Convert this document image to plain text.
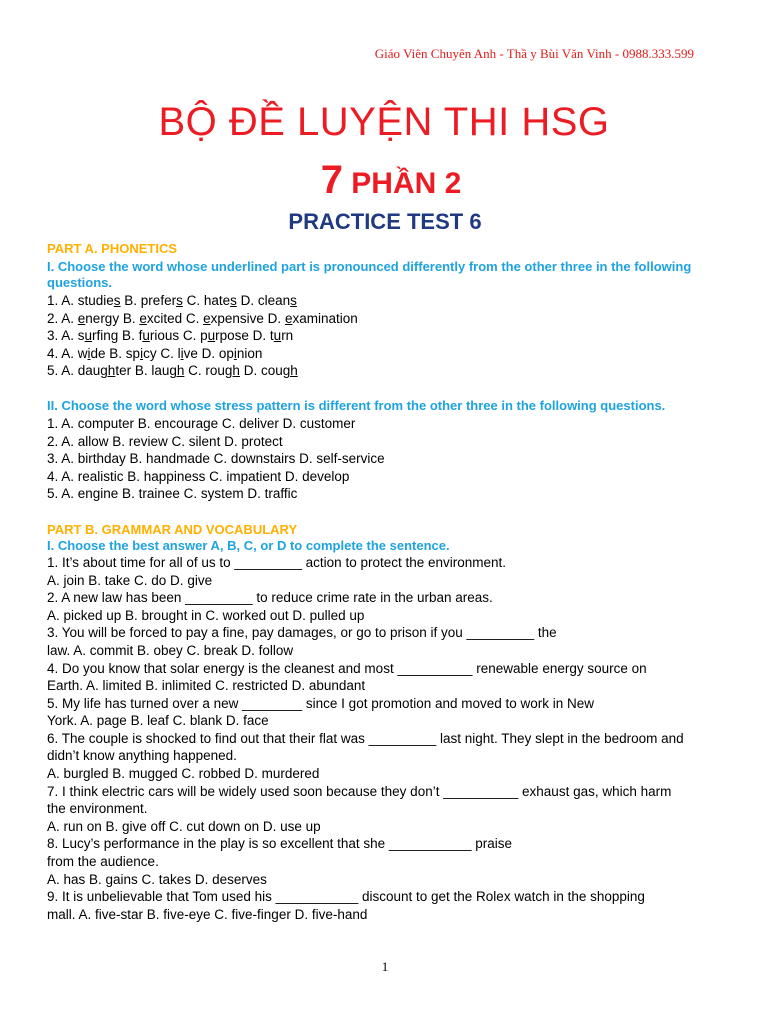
Giáo Viên Chuyên Anh - Thầ y Bùi Văn Vinh - 0988.333.599
BỘ ĐỀ LUYỆN THI HSG
7 PHẦN 2
PRACTICE TEST 6
PART A. PHONETICS
I. Choose the word whose underlined part is pronounced differently from the other three in the following questions.
1. A. studies B. prefers C. hates D. cleans
2. A. energy B. excited C. expensive D. examination
3. A. surfing B. furious C. purpose D. turn
4. A. wide B. spicy C. live D. opinion
5. A. daughter B. laugh C. rough D. cough
II. Choose the word whose stress pattern is different from the other three in the following questions.
1. A. computer B. encourage C. deliver D. customer
2. A. allow B. review C. silent D. protect
3. A. birthday B. handmade C. downstairs D. self-service
4. A. realistic B. happiness C. impatient D. develop
5. A. engine B. trainee C. system D. traffic
PART B. GRAMMAR AND VOCABULARY
I. Choose the best answer A, B, C, or D to complete the sentence.
1. It’s about time for all of us to _________ action to protect the environment.
A. join B. take C. do D. give
2. A new law has been _________ to reduce crime rate in the urban areas.
A. picked up B. brought in C. worked out D. pulled up
3. You will be forced to pay a fine, pay damages, or go to prison if you _________ the
law. A. commit B. obey C. break D. follow
4. Do you know that solar energy is the cleanest and most __________ renewable energy source on
Earth. A. limited B. inlimited C. restricted D. abundant
5. My life has turned over a new ________ since I got promotion and moved to work in New
York. A. page B. leaf C. blank D. face
6. The couple is shocked to find out that their flat was _________ last night. They slept in the bedroom and
didn’t know anything happened.
A. burgled B. mugged C. robbed D. murdered
7. I think electric cars will be widely used soon because they don’t __________ exhaust gas, which harm
the environment.
A. run on B. give off C. cut down on D. use up
8. Lucy’s performance in the play is so excellent that she ___________ praise
from the audience.
A. has B. gains C. takes D. deserves
9. It is unbelievable that Tom used his ___________ discount to get the Rolex watch in the shopping
mall. A. five-star B. five-eye C. five-finger D. five-hand
1
